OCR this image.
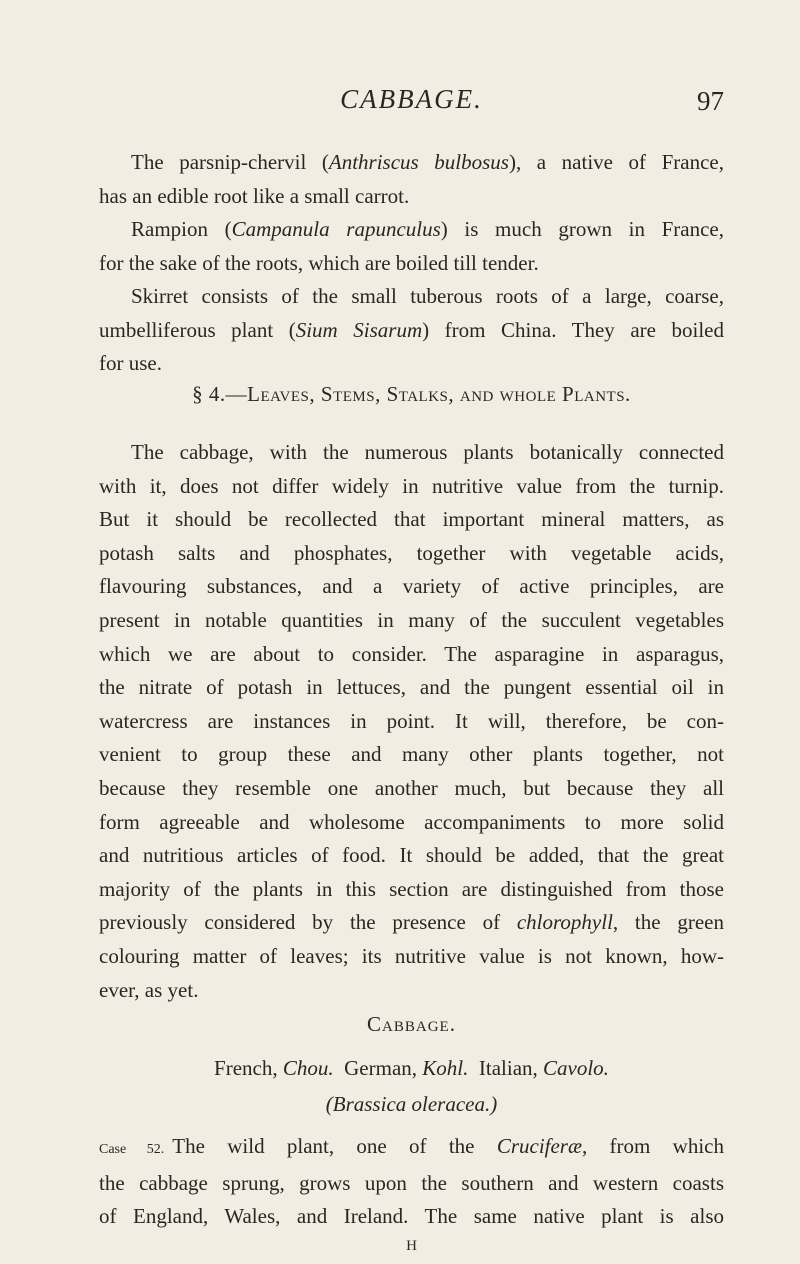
CABBAGE.	97
The parsnip-chervil (Anthriscus bulbosus), a native of France,
has an edible root like a small carrot.
Rampion (Campanula rapunculus) is much grown in France,
for the sake of the roots, which are boiled till tender.
Skirret consists of the small tuberous roots of a large, coarse,
umbelliferous plant (Sium Sisarum) from China. They are boiled
for use.
§ 4.—Leaves, Stems, Stalks, and whole Plants.
The cabbage, with the numerous plants botanically connected
with it, does not differ widely in nutritive value from the turnip.
But it should be recollected that important mineral matters, as
potash salts and phosphates, together with vegetable acids,
flavouring substances, and a variety of active principles, are
present in notable quantities in many of the succulent vegetables
which we are about to consider. The asparagine in asparagus,
the nitrate of potash in lettuces, and the pungent essential oil in
watercress are instances in point. It will, therefore, be con-
venient to group these and many other plants together, not
because they resemble one another much, but because they all
form agreeable and wholesome accompaniments to more solid
and nutritious articles of food. It should be added, that the great
majority of the plants in this section are distinguished from those
previously considered by the presence of chlorophyll, the green
colouring matter of leaves; its nutritive value is not known, how-
ever, as yet.
Cabbage.
French, Chou. German, Kohl. Italian, Cavolo.
(Brassica oleracea.)
Case 52. The wild plant, one of the Cruciferæ, from which
the cabbage sprung, grows upon the southern and western coasts
of England, Wales, and Ireland. The same native plant is also
H
